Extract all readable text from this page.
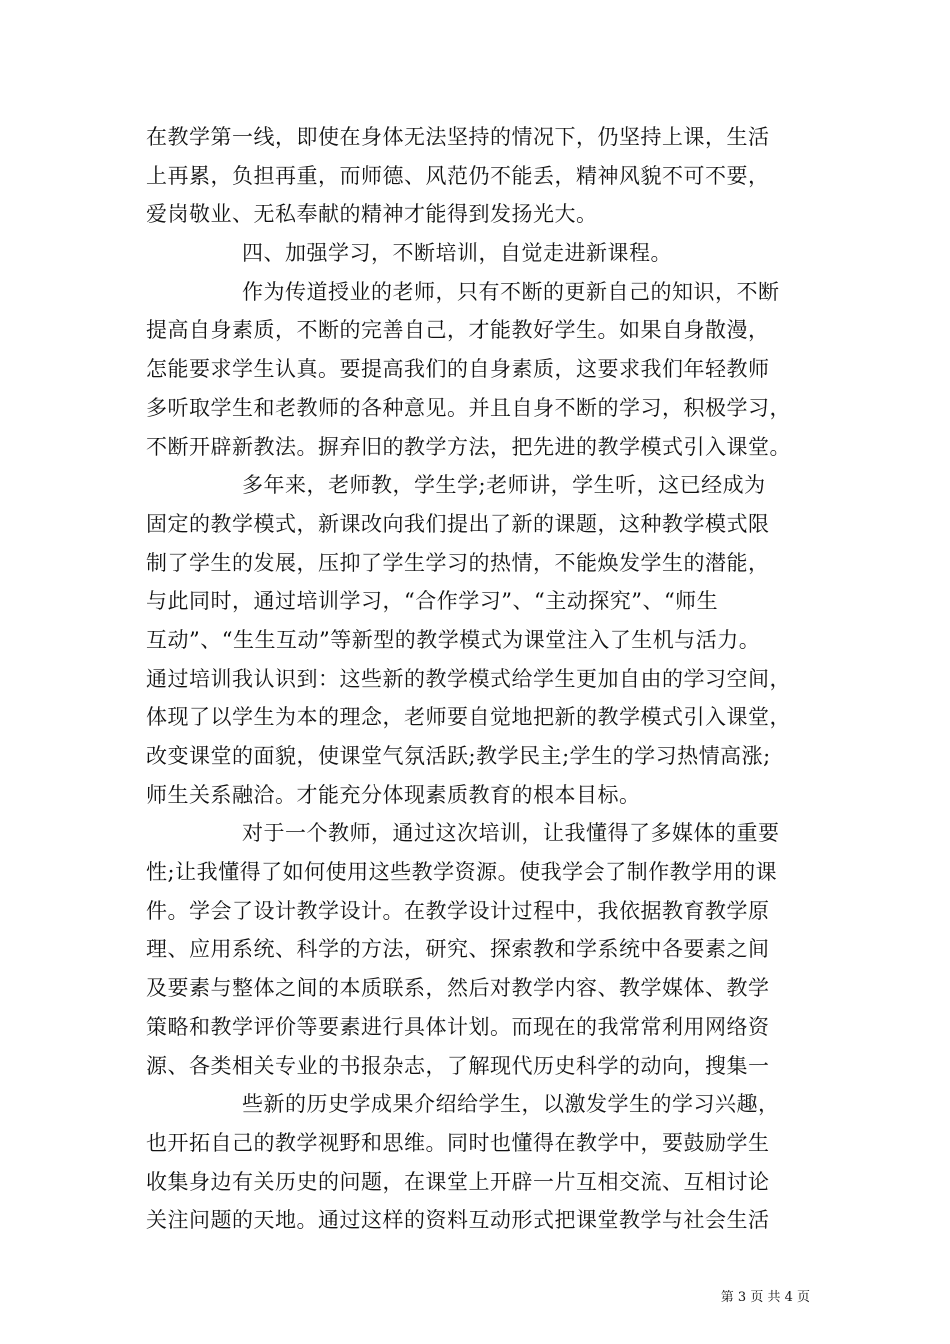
在教学第一线，即使在身体无法坚持的情况下，仍坚持上课，生活
上再累，负担再重，而师德、风范仍不能丢，精神风貌不可不要，
爱岗敬业、无私奉献的精神才能得到发扬光大。
四、加强学习，不断培训，自觉走进新课程。
作为传道授业的老师，只有不断的更新自己的知识，不断
提高自身素质，不断的完善自己，才能教好学生。如果自身散漫，
怎能要求学生认真。要提高我们的自身素质，这要求我们年轻教师
多听取学生和老教师的各种意见。并且自身不断的学习，积极学习，
不断开辟新教法。摒弃旧的教学方法，把先进的教学模式引入课堂。
多年来，老师教，学生学;老师讲，学生听，这已经成为
固定的教学模式，新课改向我们提出了新的课题，这种教学模式限
制了学生的发展，压抑了学生学习的热情，不能焕发学生的潜能，
与此同时，通过培训学习，“合作学习”、“主动探究”、“师生
互动”、“生生互动”等新型的教学模式为课堂注入了生机与活力。
通过培训我认识到：这些新的教学模式给学生更加自由的学习空间，
体现了以学生为本的理念，老师要自觉地把新的教学模式引入课堂，
改变课堂的面貌，使课堂气氛活跃;教学民主;学生的学习热情高涨;
师生关系融洽。才能充分体现素质教育的根本目标。
对于一个教师，通过这次培训，让我懂得了多媒体的重要
性;让我懂得了如何使用这些教学资源。使我学会了制作教学用的课
件。学会了设计教学设计。在教学设计过程中，我依据教育教学原
理、应用系统、科学的方法，研究、探索教和学系统中各要素之间
及要素与整体之间的本质联系，然后对教学内容、教学媒体、教学
策略和教学评价等要素进行具体计划。而现在的我常常利用网络资
源、各类相关专业的书报杂志，了解现代历史科学的动向，搜集一
些新的历史学成果介绍给学生，以激发学生的学习兴趣，
也开拓自己的教学视野和思维。同时也懂得在教学中，要鼓励学生
收集身边有关历史的问题，在课堂上开辟一片互相交流、互相讨论
关注问题的天地。通过这样的资料互动形式把课堂教学与社会生活
第 3 页 共 4 页
